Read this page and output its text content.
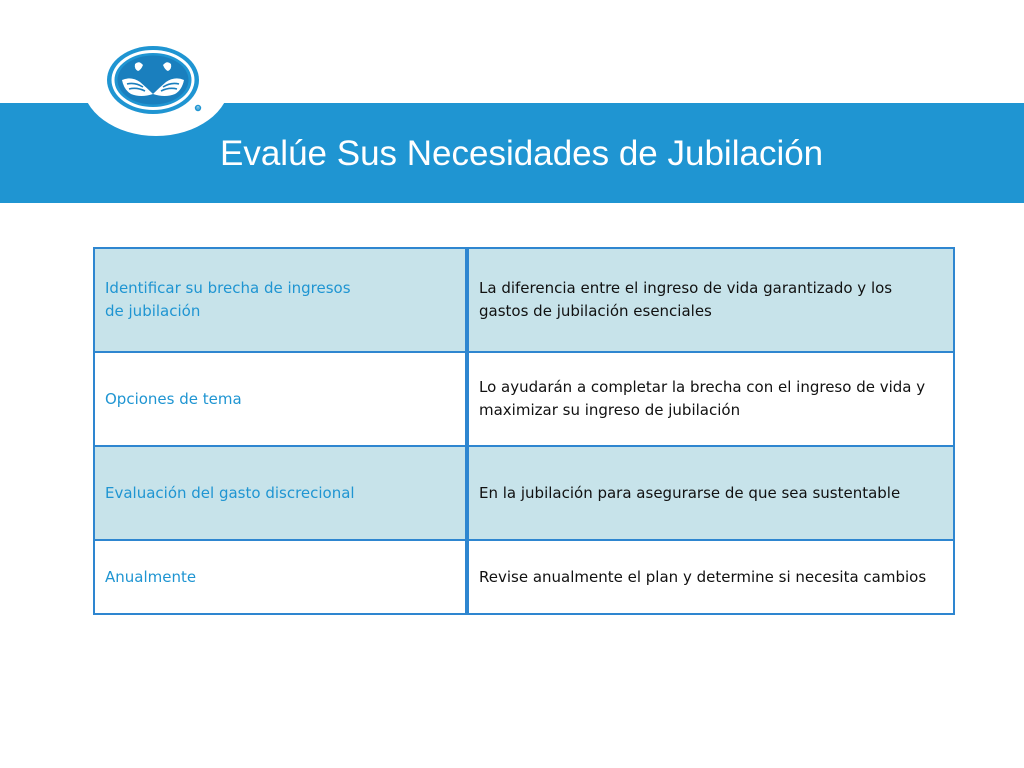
®
Evalúe Sus Necesidades de Jubilación
Identificar su brecha de ingresos
de jubilación	La diferencia entre el ingreso de vida garantizado y los gastos de jubilación esenciales
Opciones de tema	Lo ayudarán a completar la brecha con el ingreso de vida y maximizar su ingreso de jubilación
Evaluación del gasto discrecional	En la jubilación para asegurarse de que sea sustentable
Anualmente	Revise anualmente el plan y determine si necesita cambios
